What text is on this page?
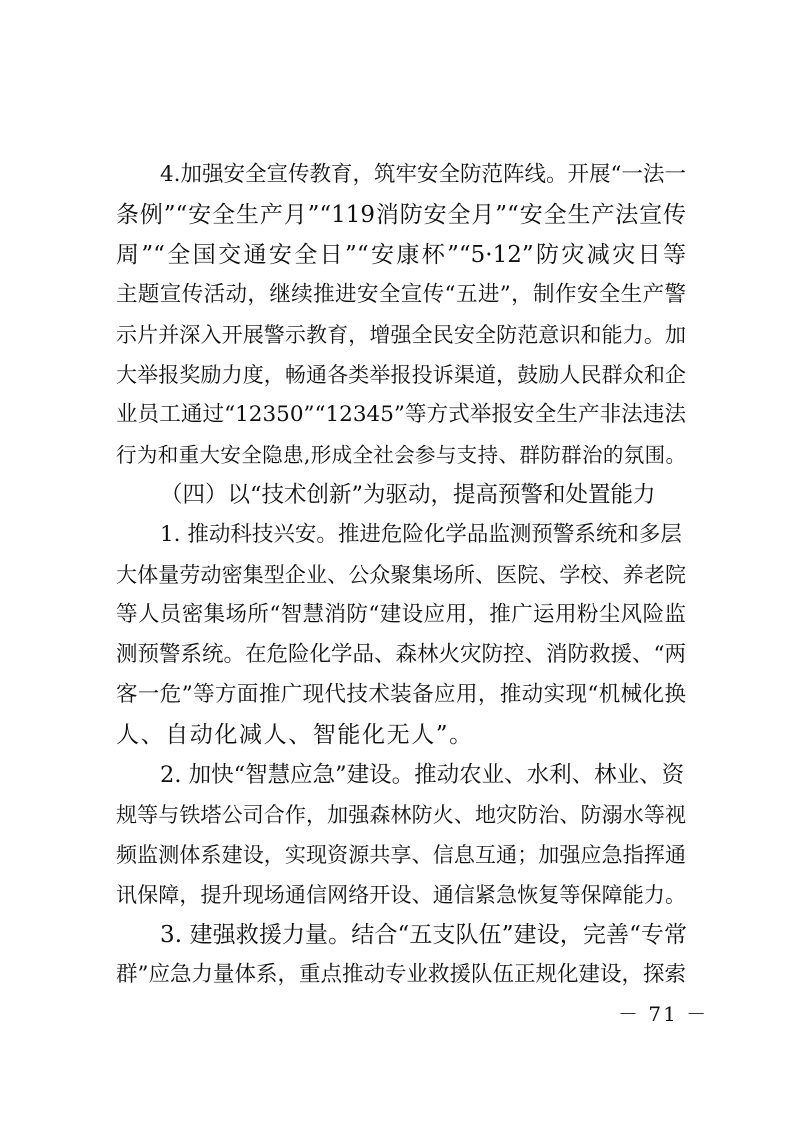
4.加强安全宣传教育，筑牢安全防范阵线。开展“一法一
条例”“安全生产月”“119消防安全月”“安全生产法宣传
周”“全国交通安全日”“安康杯”“5·12”防灾减灾日等
主题宣传活动，继续推进安全宣传“五进”，制作安全生产警
示片并深入开展警示教育，增强全民安全防范意识和能力。加
大举报奖励力度，畅通各类举报投诉渠道，鼓励人民群众和企
业员工通过“12350”“12345”等方式举报安全生产非法违法
行为和重大安全隐患,形成全社会参与支持、群防群治的氛围。
（四）以“技术创新”为驱动，提高预警和处置能力
1. 推动科技兴安。推进危险化学品监测预警系统和多层
大体量劳动密集型企业、公众聚集场所、医院、学校、养老院
等人员密集场所“智慧消防“建设应用，推广运用粉尘风险监
测预警系统。在危险化学品、森林火灾防控、消防救援、“两
客一危”等方面推广现代技术装备应用，推动实现“机械化换
人、自动化减人、智能化无人”。
2. 加快“智慧应急”建设。推动农业、水利、林业、资
规等与铁塔公司合作，加强森林防火、地灾防治、防溺水等视
频监测体系建设，实现资源共享、信息互通；加强应急指挥通
讯保障，提升现场通信网络开设、通信紧急恢复等保障能力。
3. 建强救援力量。结合“五支队伍”建设，完善“专常
群”应急力量体系，重点推动专业救援队伍正规化建设，探索
－ 71 －
